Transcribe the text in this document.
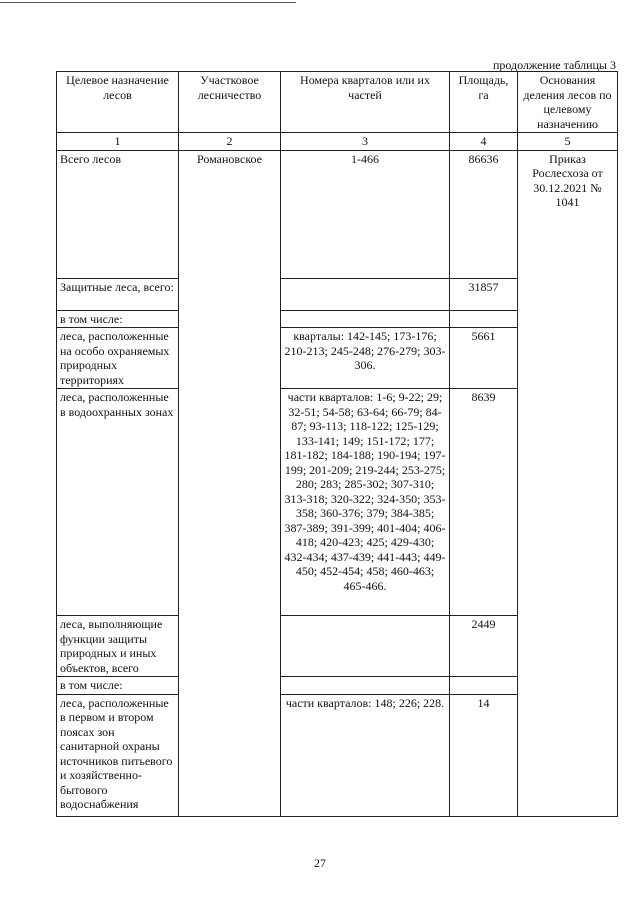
продолжение таблицы 3
Целевое назначение лесов	Участковое лесничество	Номера кварталов или их частей	Площадь, га	Основания деления лесов по целевому назначению
1	2	3	4	5
Всего лесов	Романовское	1-466	86636	Приказ Рослесхоза от 30.12.2021 № 1041
Защитные леса, всего:			31857	
в том числе:				
леса, расположенные на особо охраняемых природных территориях		кварталы: 142-145; 173-176; 210-213; 245-248; 276-279; 303-306.	5661	
леса, расположенные в водоохранных зонах		части кварталов: 1-6; 9-22; 29; 32-51; 54-58; 63-64; 66-79; 84-87; 93-113; 118-122; 125-129; 133-141; 149; 151-172; 177; 181-182; 184-188; 190-194; 197-199; 201-209; 219-244; 253-275; 280; 283; 285-302; 307-310; 313-318; 320-322; 324-350; 353-358; 360-376; 379; 384-385; 387-389; 391-399; 401-404; 406-418; 420-423; 425; 429-430; 432-434; 437-439; 441-443; 449-450; 452-454; 458; 460-463; 465-466.	8639	
леса, выполняющие функции защиты природных и иных объектов, всего			2449	
в том числе:				
леса, расположенные в первом и втором поясах зон санитарной охраны источников питьевого и хозяйственно-бытового водоснабжения		части кварталов: 148; 226; 228.	14	
27
